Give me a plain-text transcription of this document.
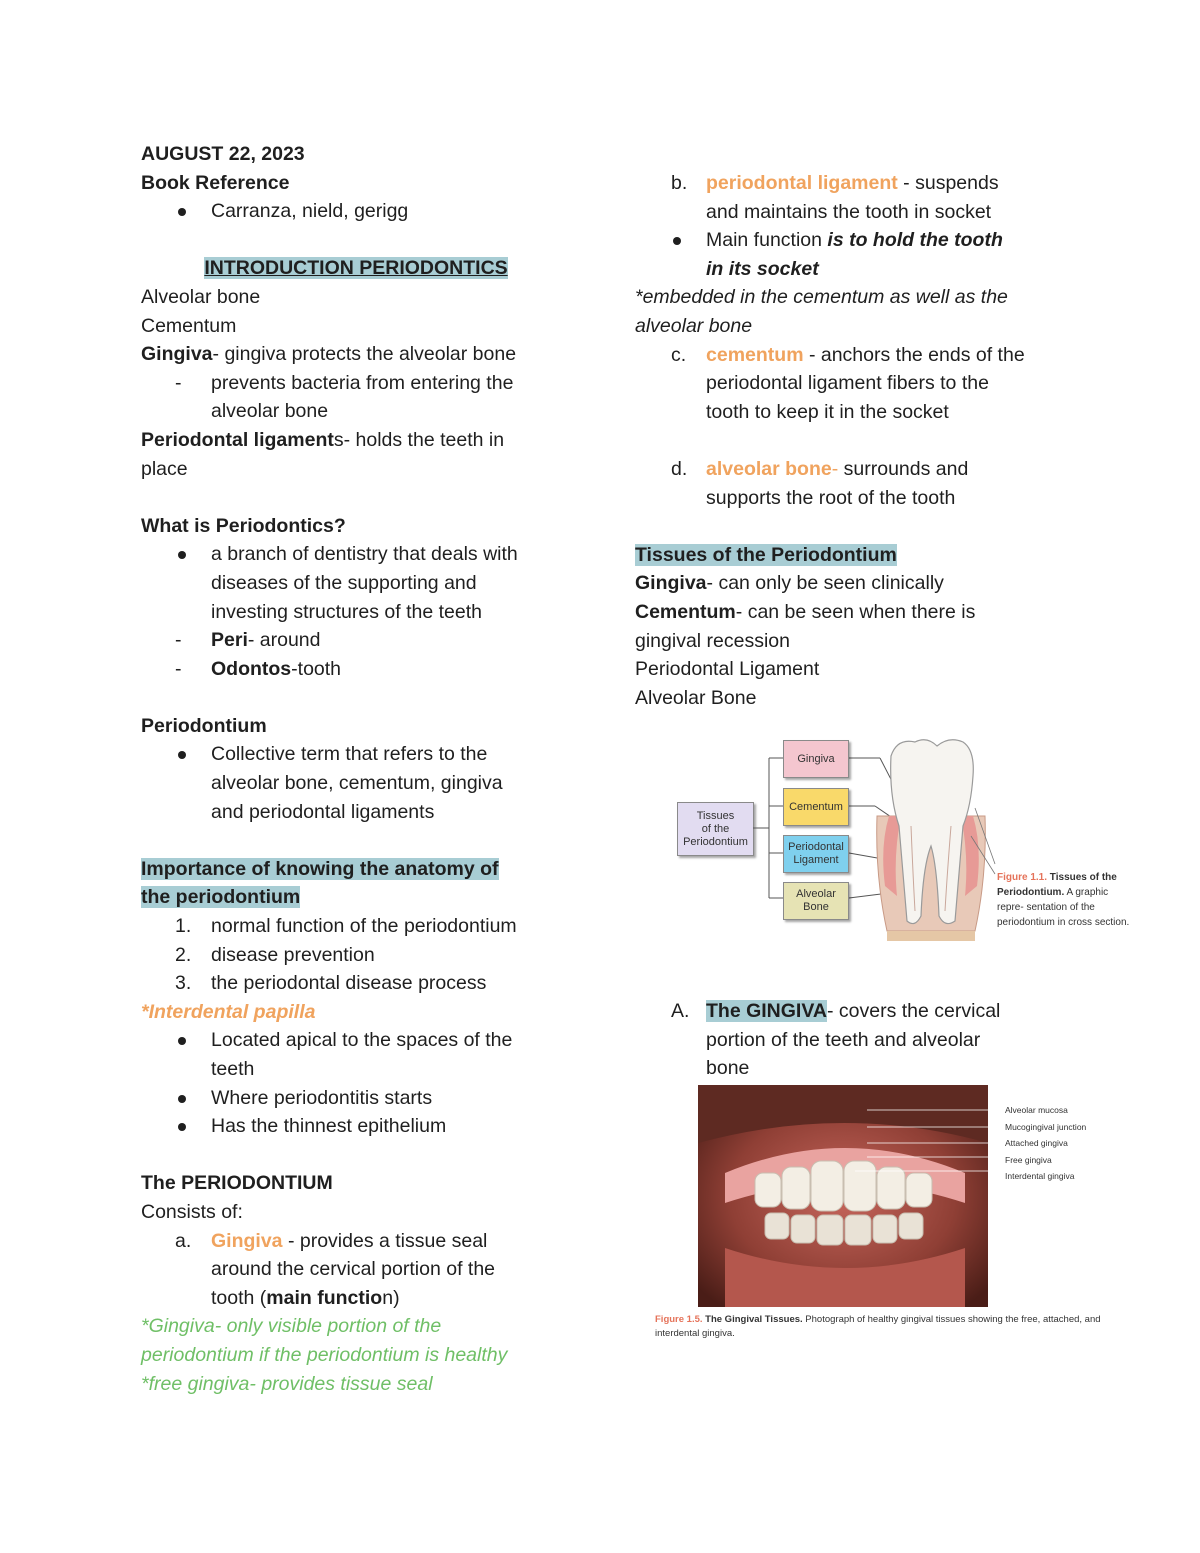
AUGUST 22, 2023
Book Reference
Carranza, nield, gerigg
INTRODUCTION PERIODONTICS
Alveolar bone
Cementum
Gingiva- gingiva protects the alveolar bone
- prevents bacteria from entering the
alveolar bone
Periodontal ligaments- holds the teeth in
place
What is Periodontics?
a branch of dentistry that deals with
diseases of the supporting and
investing structures of the teeth
- Peri- around
- Odontos-tooth
Periodontium
Collective term that refers to the
alveolar bone, cementum, gingiva
and periodontal ligaments
Importance of knowing the anatomy of
the periodontium
1. normal function of the periodontium
2. disease prevention
3. the periodontal disease process
*Interdental papilla
Located apical to the spaces of the
teeth
Where periodontitis starts
Has the thinnest epithelium
The PERIODONTIUM
Consists of:
a. Gingiva - provides a tissue seal
around the cervical portion of the
tooth (main function)
*Gingiva- only visible portion of the
periodontium if the periodontium is healthy
*free gingiva- provides tissue seal
b. periodontal ligament - suspends
and maintains the tooth in socket
Main function is to hold the tooth
in its socket
*embedded in the cementum as well as the
alveolar bone
c. cementum - anchors the ends of the
periodontal ligament fibers to the
tooth to keep it in the socket
d. alveolar bone- surrounds and
supports the root of the tooth
Tissues of the Periodontium
Gingiva- can only be seen clinically
Cementum- can be seen when there is
gingival recession
Periodontal Ligament
Alveolar Bone
Tissues
of the
Periodontium
Gingiva
Cementum
Periodontal
Ligament
Alveolar
Bone
Figure 1.1. Tissues of the Periodontium. A graphic repre- sentation of the periodontium in cross section.
A. The GINGIVA- covers the cervical
portion of the teeth and alveolar
bone
Alveolar mucosa
Mucogingival junction
Attached gingiva
Free gingiva
Interdental gingiva
Figure 1.5. The Gingival Tissues. Photograph of healthy gingival tissues showing the free, attached, and
interdental gingiva.
